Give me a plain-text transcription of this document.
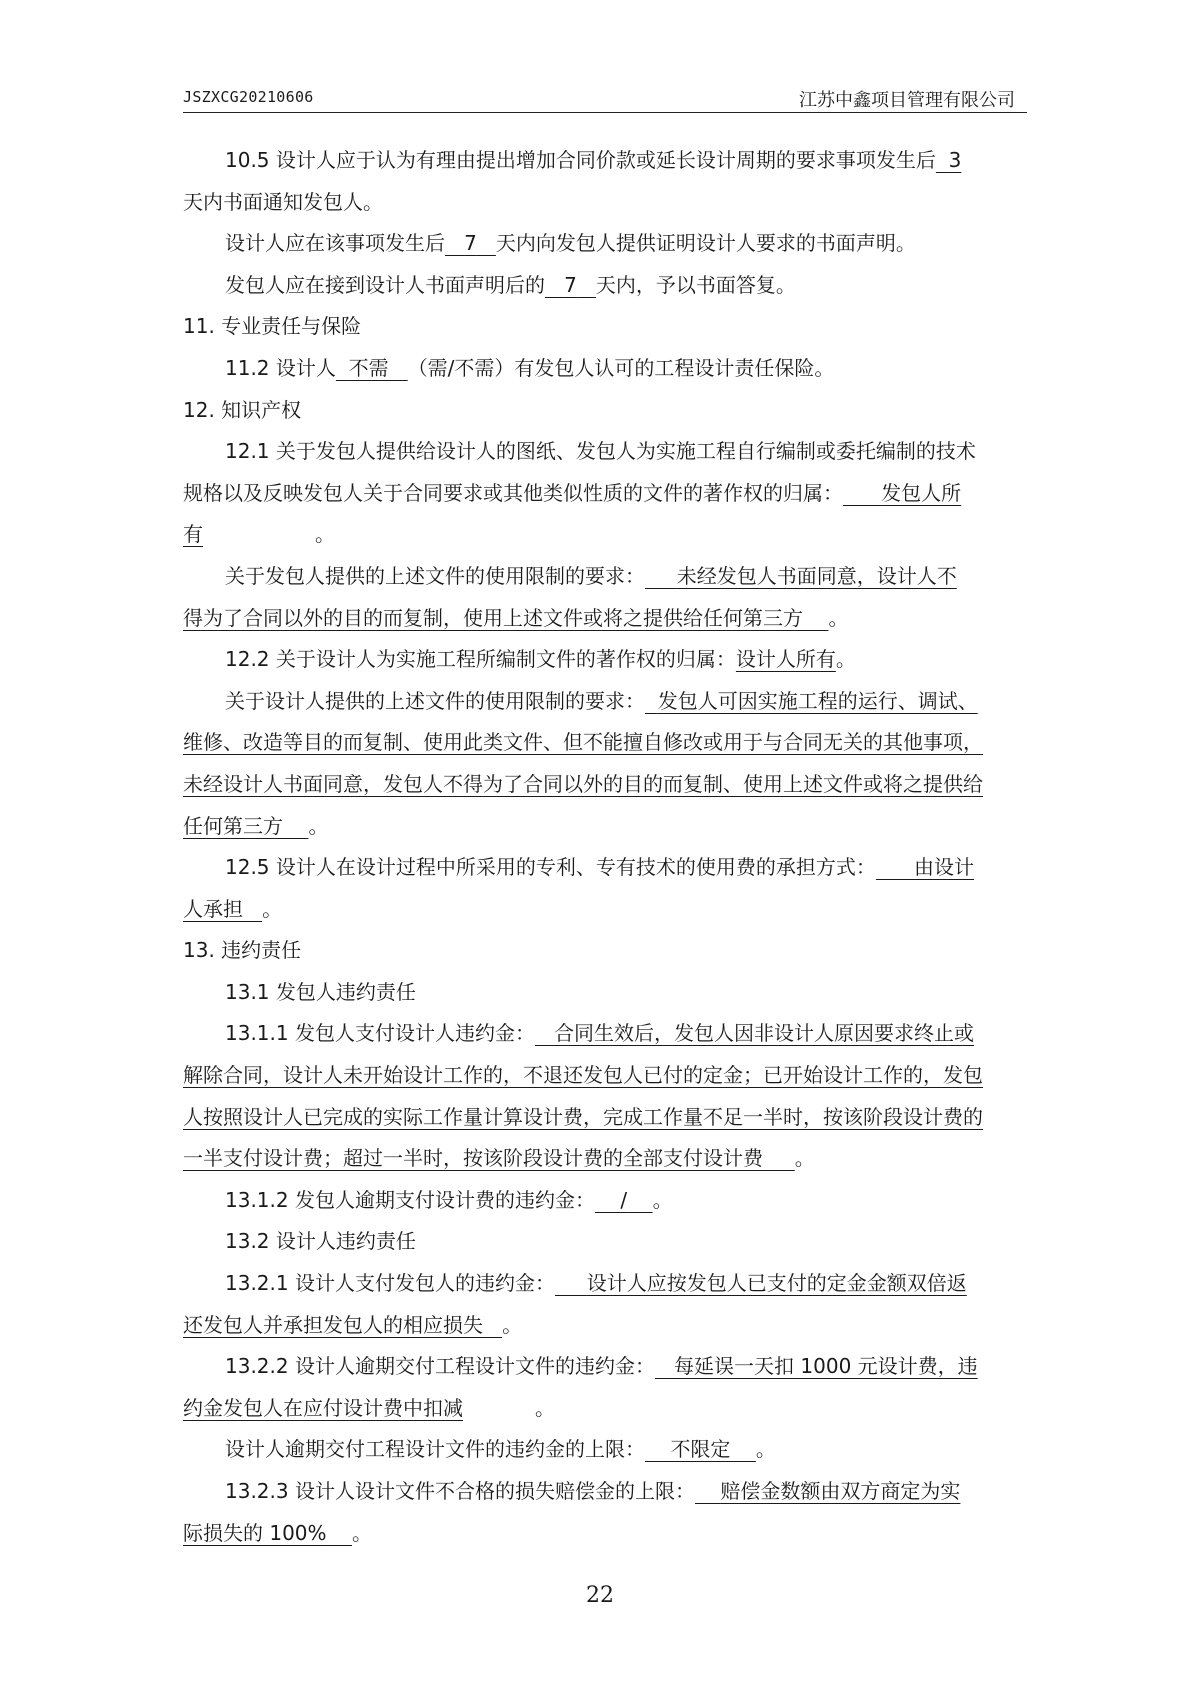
JSZXCG20210606	江苏中鑫项目管理有限公司
10.5 设计人应于认为有理由提出增加合同价款或延长设计周期的要求事项发生后 3
天内书面通知发包人。
设计人应在该事项发生后 7 天内向发包人提供证明设计人要求的书面声明。
发包人应在接到设计人书面声明后的 7 天内，予以书面答复。
11. 专业责任与保险
11.2 设计人 不需 （需/不需）有发包人认可的工程设计责任保险。
12. 知识产权
12.1 关于发包人提供给设计人的图纸、发包人为实施工程自行编制或委托编制的技术
规格以及反映发包人关于合同要求或其他类似性质的文件的著作权的归属： 发包人所
有	。
关于发包人提供的上述文件的使用限制的要求： 未经发包人书面同意，设计人不
得为了合同以外的目的而复制，使用上述文件或将之提供给任何第三方 。
12.2 关于设计人为实施工程所编制文件的著作权的归属：设计人所有。
关于设计人提供的上述文件的使用限制的要求： 发包人可因实施工程的运行、调试、
维修、改造等目的而复制、使用此类文件、但不能擅自修改或用于与合同无关的其他事项，
未经设计人书面同意，发包人不得为了合同以外的目的而复制、使用上述文件或将之提供给
任何第三方 。
12.5 设计人在设计过程中所采用的专利、专有技术的使用费的承担方式： 由设计
人承担 。
13. 违约责任
13.1 发包人违约责任
13.1.1 发包人支付设计人违约金： 合同生效后，发包人因非设计人原因要求终止或
解除合同，设计人未开始设计工作的，不退还发包人已付的定金；已开始设计工作的，发包
人按照设计人已完成的实际工作量计算设计费，完成工作量不足一半时，按该阶段设计费的
一半支付设计费；超过一半时，按该阶段设计费的全部支付设计费 。
13.1.2 发包人逾期支付设计费的违约金： / 。
13.2 设计人违约责任
13.2.1 设计人支付发包人的违约金： 设计人应按发包人已支付的定金金额双倍返
还发包人并承担发包人的相应损失 。
13.2.2 设计人逾期交付工程设计文件的违约金： 每延误一天扣 1000 元设计费，违
约金发包人在应付设计费中扣减	。
设计人逾期交付工程设计文件的违约金的上限： 不限定 。
13.2.3 设计人设计文件不合格的损失赔偿金的上限： 赔偿金数额由双方商定为实
际损失的 100% 。
22
